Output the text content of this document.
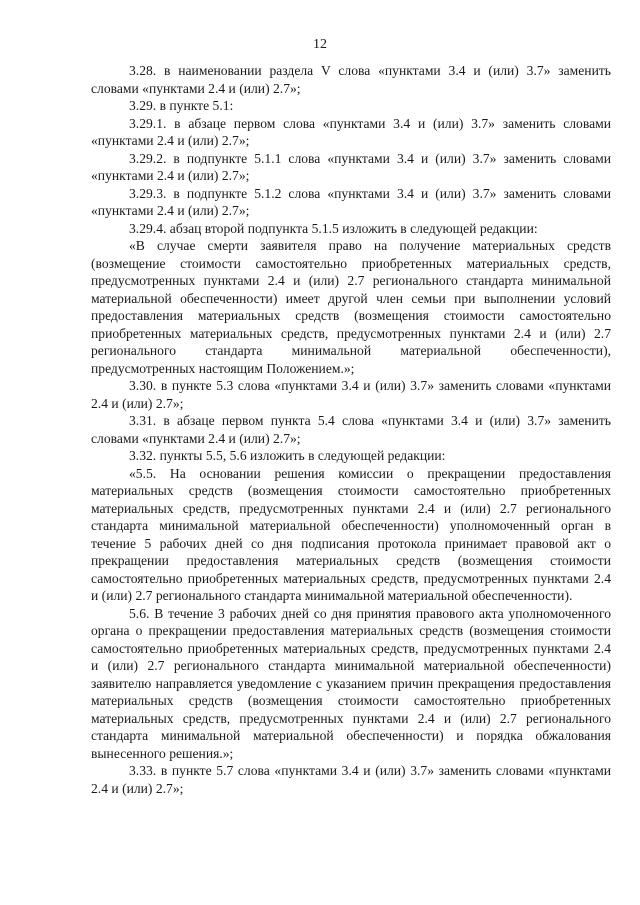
12

3.28. в наименовании раздела V слова «пунктами 3.4 и (или) 3.7» заменить словами «пунктами 2.4 и (или) 2.7»;

3.29. в пункте 5.1:

3.29.1. в абзаце первом слова «пунктами 3.4 и (или) 3.7» заменить словами «пунктами 2.4 и (или) 2.7»;

3.29.2. в подпункте 5.1.1 слова «пунктами 3.4 и (или) 3.7» заменить словами «пунктами 2.4 и (или) 2.7»;

3.29.3. в подпункте 5.1.2 слова «пунктами 3.4 и (или) 3.7» заменить словами «пунктами 2.4 и (или) 2.7»;

3.29.4. абзац второй подпункта 5.1.5 изложить в следующей редакции:

«В случае смерти заявителя право на получение материальных средств (возмещение стоимости самостоятельно приобретенных материальных средств, предусмотренных пунктами 2.4 и (или) 2.7 регионального стандарта минимальной материальной обеспеченности) имеет другой член семьи при выполнении условий предоставления материальных средств (возмещения стоимости самостоятельно приобретенных материальных средств, предусмотренных пунктами 2.4 и (или) 2.7 регионального стандарта минимальной материальной обеспеченности), предусмотренных настоящим Положением.»;

3.30. в пункте 5.3 слова «пунктами 3.4 и (или) 3.7» заменить словами «пунктами 2.4 и (или) 2.7»;

3.31. в абзаце первом пункта 5.4 слова «пунктами 3.4 и (или) 3.7» заменить словами «пунктами 2.4 и (или) 2.7»;

3.32. пункты 5.5, 5.6 изложить в следующей редакции:

«5.5. На основании решения комиссии о прекращении предоставления материальных средств (возмещения стоимости самостоятельно приобретенных материальных средств, предусмотренных пунктами 2.4 и (или) 2.7 регионального стандарта минимальной материальной обеспеченности) уполномоченный орган в течение 5 рабочих дней со дня подписания протокола принимает правовой акт о прекращении предоставления материальных средств (возмещения стоимости самостоятельно приобретенных материальных средств, предусмотренных пунктами 2.4 и (или) 2.7 регионального стандарта минимальной материальной обеспеченности).

5.6. В течение 3 рабочих дней со дня принятия правового акта уполномоченного органа о прекращении предоставления материальных средств (возмещения стоимости самостоятельно приобретенных материальных средств, предусмотренных пунктами 2.4 и (или) 2.7 регионального стандарта минимальной материальной обеспеченности) заявителю направляется уведомление с указанием причин прекращения предоставления материальных средств (возмещения стоимости самостоятельно приобретенных материальных средств, предусмотренных пунктами 2.4 и (или) 2.7 регионального стандарта минимальной материальной обеспеченности) и порядка обжалования вынесенного решения.»;

3.33. в пункте 5.7 слова «пунктами 3.4 и (или) 3.7» заменить словами «пунктами 2.4 и (или) 2.7»;
